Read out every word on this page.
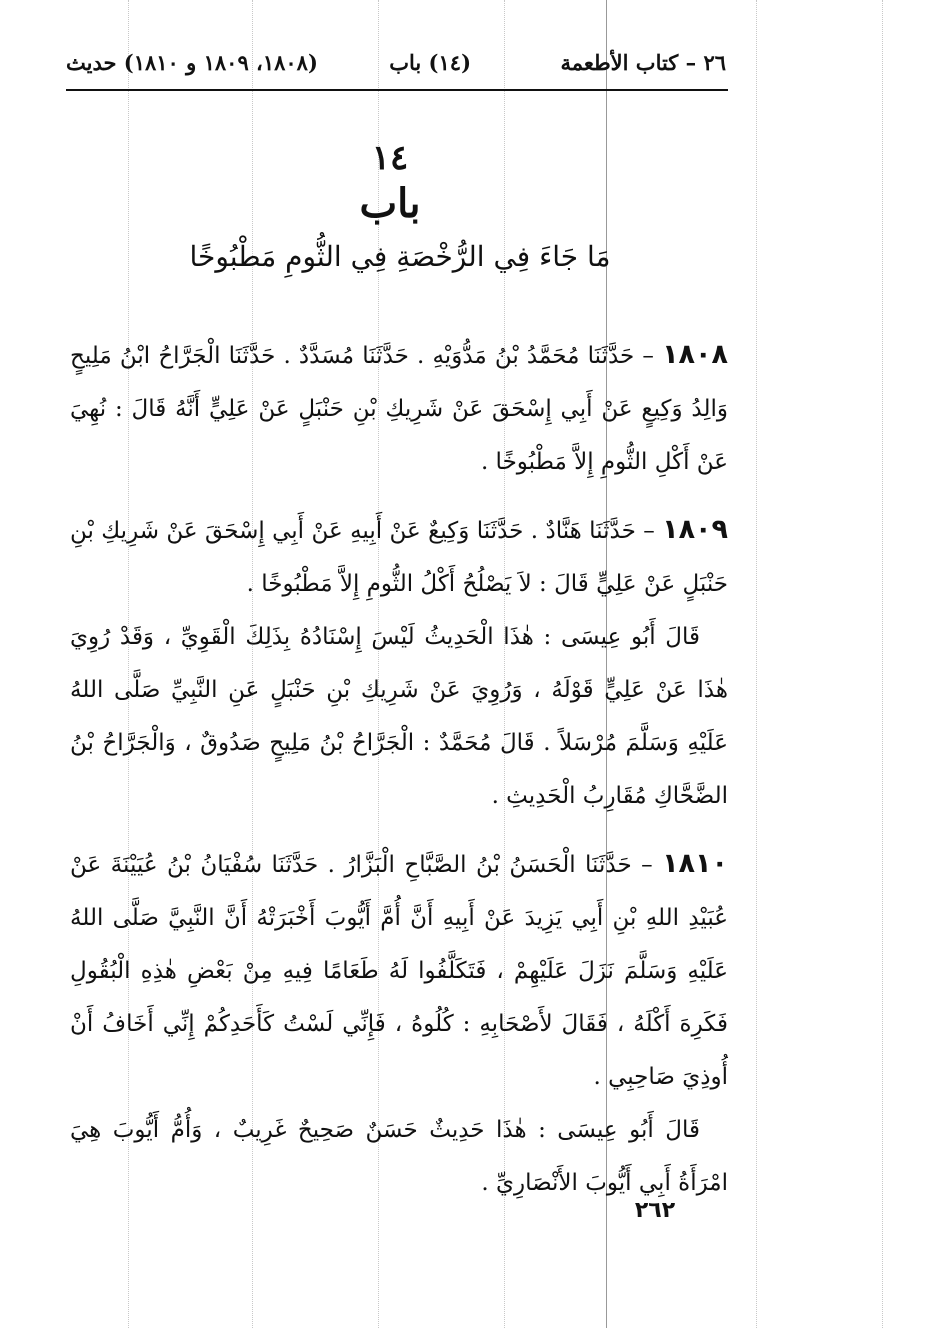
٢٦ – كتاب الأطعمة
(١٤) باب
(١٨٠٨، ١٨٠٩ و ١٨١٠) حديث
١٤
باب
مَا جَاءَ فِي الرُّخْصَةِ فِي الثُّومِ مَطْبُوخًا

١٨٠٨ – حَدَّثَنَا مُحَمَّدُ بْنُ مَدُّوَيْهِ . حَدَّثَنَا مُسَدَّدٌ . حَدَّثَنَا الْجَرَّاحُ ابْنُ مَلِيحٍ وَالِدُ وَكِيعٍ عَنْ أَبِي إِسْحَقَ عَنْ شَرِيكِ بْنِ حَنْبَلٍ عَنْ عَلِيٍّ أَنَّهُ قَالَ : نُهِيَ عَنْ أَكْلِ الثُّومِ إِلاَّ مَطْبُوخًا .

١٨٠٩ – حَدَّثَنَا هَنَّادٌ . حَدَّثَنَا وَكِيعٌ عَنْ أَبِيهِ عَنْ أَبِي إِسْحَقَ عَنْ شَرِيكِ بْنِ حَنْبَلٍ عَنْ عَلِيٍّ قَالَ : لاَ يَصْلُحُ أَكْلُ الثُّومِ إِلاَّ مَطْبُوخًا .

قَالَ أَبُو عِيسَى : هٰذَا الْحَدِيثُ لَيْسَ إِسْنَادُهُ بِذَلِكَ الْقَوِيِّ ، وَقَدْ رُوِيَ هٰذَا عَنْ عَلِيٍّ قَوْلَهُ ، وَرُوِيَ عَنْ شَرِيكِ بْنِ حَنْبَلٍ عَنِ النَّبِيِّ صَلَّى اللهُ عَلَيْهِ وَسَلَّمَ مُرْسَلاً . قَالَ مُحَمَّدٌ : الْجَرَّاحُ بْنُ مَلِيحٍ صَدُوقٌ ، وَالْجَرَّاحُ بْنُ الضَّحَّاكِ مُقَارِبُ الْحَدِيثِ .

١٨١٠ – حَدَّثَنَا الْحَسَنُ بْنُ الصَّبَّاحِ الْبَزَّارُ . حَدَّثَنَا سُفْيَانُ بْنُ عُيَيْنَةَ عَنْ عُبَيْدِ اللهِ بْنِ أَبِي يَزِيدَ عَنْ أَبِيهِ أَنَّ أُمَّ أَيُّوبَ أَخْبَرَتْهُ أَنَّ النَّبِيَّ صَلَّى اللهُ عَلَيْهِ وَسَلَّمَ نَزَلَ عَلَيْهِمْ ، فَتَكَلَّفُوا لَهُ طَعَامًا فِيهِ مِنْ بَعْضِ هٰذِهِ الْبُقُولِ فَكَرِهَ أَكْلَهُ ، فَقَالَ لأَصْحَابِهِ : كُلُوهُ ، فَإِنِّي لَسْتُ كَأَحَدِكُمْ إِنِّي أَخَافُ أَنْ أُوذِيَ صَاحِبِي .

قَالَ أَبُو عِيسَى : هٰذَا حَدِيثٌ حَسَنٌ صَحِيحٌ غَرِيبٌ ، وَأُمُّ أَيُّوبَ هِيَ امْرَأَةُ أَبِي أَيُّوبَ الأَنْصَارِيِّ .

٢٦٢
